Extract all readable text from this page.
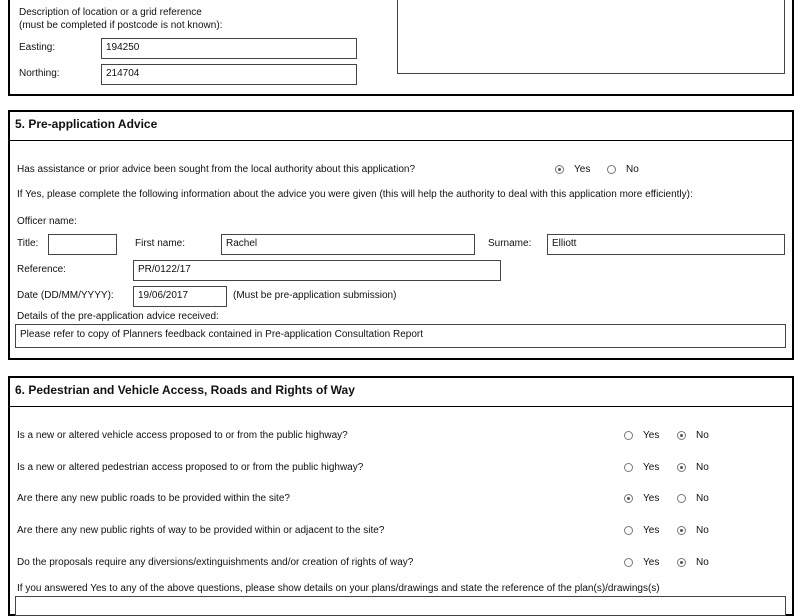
Description of location or a grid reference
(must be completed if postcode is not known):
Easting:	194250
Northing:	214704
5. Pre-application Advice
Has assistance or prior advice been sought from the local authority about this application?	Yes	No
If Yes, please complete the following information about the advice you were given (this will help the authority to deal with this application more efficiently):
Officer name:
Title:	First name:	Rachel	Surname:	Elliott
Reference:	PR/0122/17
Date (DD/MM/YYYY):	19/06/2017	(Must be pre-application submission)
Details of the pre-application advice received:
Please refer to copy of Planners feedback contained in Pre-application Consultation Report
6. Pedestrian and Vehicle Access, Roads and Rights of Way
Is a new or altered vehicle access proposed to or from the public highway?	Yes	No
Is a new or altered pedestrian access proposed to or from the public highway?	Yes	No
Are there any new public roads to be provided within the site?	Yes	No
Are there any new public rights of way to be provided within or adjacent to the site?	Yes	No
Do the proposals require any diversions/extinguishments and/or creation of rights of way?	Yes	No
If you answered Yes to any of the above questions, please show details on your plans/drawings and state the reference of the plan(s)/drawings(s)
